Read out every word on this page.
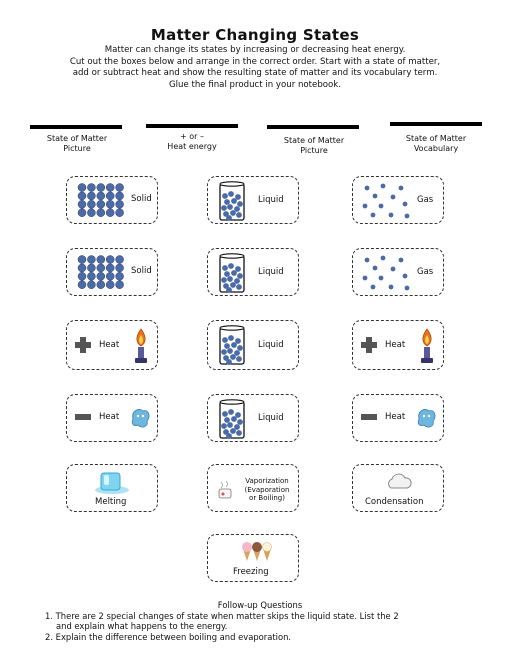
Matter Changing States
Matter can change its states by increasing or decreasing heat energy.
Cut out the boxes below and arrange in the correct order. Start with a state of matter,
add or subtract heat and show the resulting state of matter and its vocabulary term.
Glue the final product in your notebook.
State of Matter
Picture
+ or –
Heat energy
State of Matter
Picture
State of Matter
Vocabulary
Solid	Liquid	Gas
Solid	Liquid	Gas
Heat	Liquid	Heat
Heat	Liquid	Heat
Melting
Vaporization
(Evaporation
or Boiling)	Condensation
Freezing
Follow-up Questions
1. There are 2 special changes of state when matter skips the liquid state. List the 2
and explain what happens to the energy.
2. Explain the difference between boiling and evaporation.
